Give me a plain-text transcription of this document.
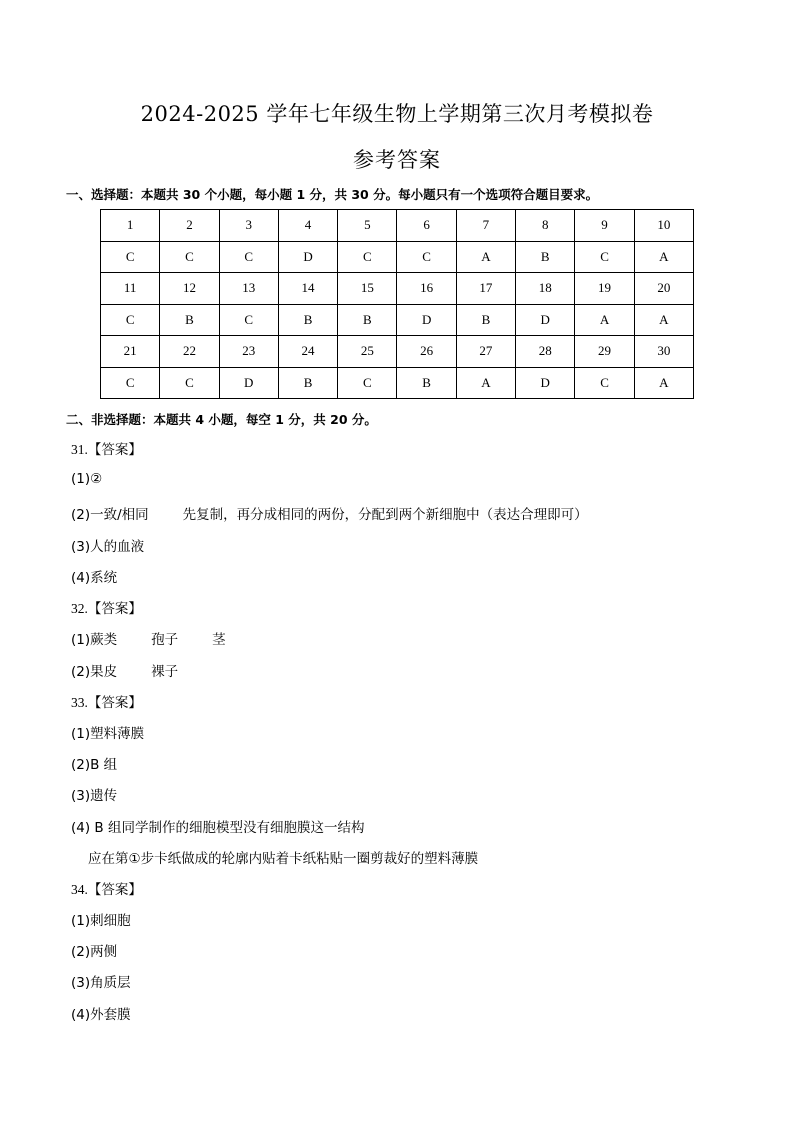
2024-2025 学年七年级生物上学期第三次月考模拟卷
参考答案
一、选择题：本题共 30 个小题，每小题 1 分，共 30 分。每小题只有一个选项符合题目要求。
1	2	3	4	5	6	7	8	9	10
C	C	C	D	C	C	A	B	C	A
11	12	13	14	15	16	17	18	19	20
C	B	C	B	B	D	B	D	A	A
21	22	23	24	25	26	27	28	29	30
C	C	D	B	C	B	A	D	C	A
二、非选择题：本题共 4 小题，每空 1 分，共 20 分。
31.【答案】
(1)②
(2)一致/相同	先复制，再分成相同的两份，分配到两个新细胞中（表达合理即可）
(3)人的血液
(4)系统
32.【答案】
(1)蕨类	孢子	茎
(2)果皮	裸子
33.【答案】
(1)塑料薄膜
(2)B 组
(3)遗传
(4) B 组同学制作的细胞模型没有细胞膜这一结构
应在第①步卡纸做成的轮廓内贴着卡纸粘贴一圈剪裁好的塑料薄膜
34.【答案】
(1)刺细胞
(2)两侧
(3)角质层
(4)外套膜
